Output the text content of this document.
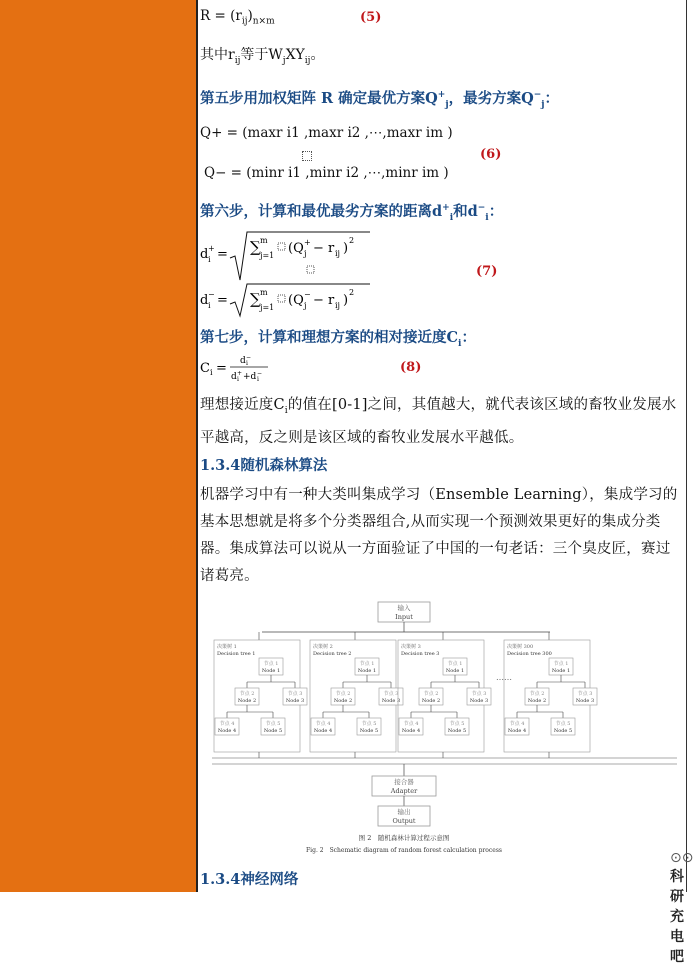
$R = (r_{ij})_{n\times m}$	(5)
其中$r_{ij}$等于$W_jXY_{ij}$。
第五步用加权矩阵 R 确定最优方案$Q^+_j$，最劣方案$Q^-_j$：
Q+ = (maxr i1 ,maxr i2 ,⋯,maxr im )
(6)
Q− = (minr i1 ,minr i2 ,⋯,minr im )
第六步，计算和最优最劣方案的距离$d^+_i$和$d^-_i$：
d +
i = ∑ m
j=1 (Q +
j − r ij )
2
d −
i = ∑ m
j=1 (Q −
j − r ij )
2
(7)
第七步，计算和理想方案的相对接近度$C_i$：
C i = d −
i
d +
i +d −
i
(8)
理想接近度$C_i$的值在[0-1]之间，其值越大，就代表该区域的畜牧业发展水平越高，反之则是该区域的畜牧业发展水平越低。
1.3.4随机森林算法
机器学习中有一种大类叫集成学习（Ensemble Learning），集成学习的基本思想就是将多个分类器组合,从而实现一个预测效果更好的集成分类器。集成算法可以说从一方面验证了中国的一句老话：三个臭皮匠，赛过诸葛亮。
输入
Input
决策树 1
Decision tree 1
节点 1
Node 1
节点 2
Node 2
节点 3
Node 3
节点 4
Node 4
节点 5
Node 5
决策树 2
Decision tree 2
节点 1
Node 1
节点 2
Node 2
节点 3
Node 3
节点 4
Node 4
节点 5
Node 5
决策树 3
Decision tree 3
节点 1
Node 1
节点 2
Node 2
节点 3
Node 3
节点 4
Node 4
节点 5
Node 5
决策树 300
Decision tree 300
节点 1
Node 1
节点 2
Node 2
节点 3
Node 3
节点 4
Node 4
节点 5
Node 5
……
接合器
Adapter
输出
Output
图 2　随机森林计算过程示意图
Fig. 2　Schematic diagram of random forest calculation process	⊙⊙ 科研充电吧
1.3.4神经网络
